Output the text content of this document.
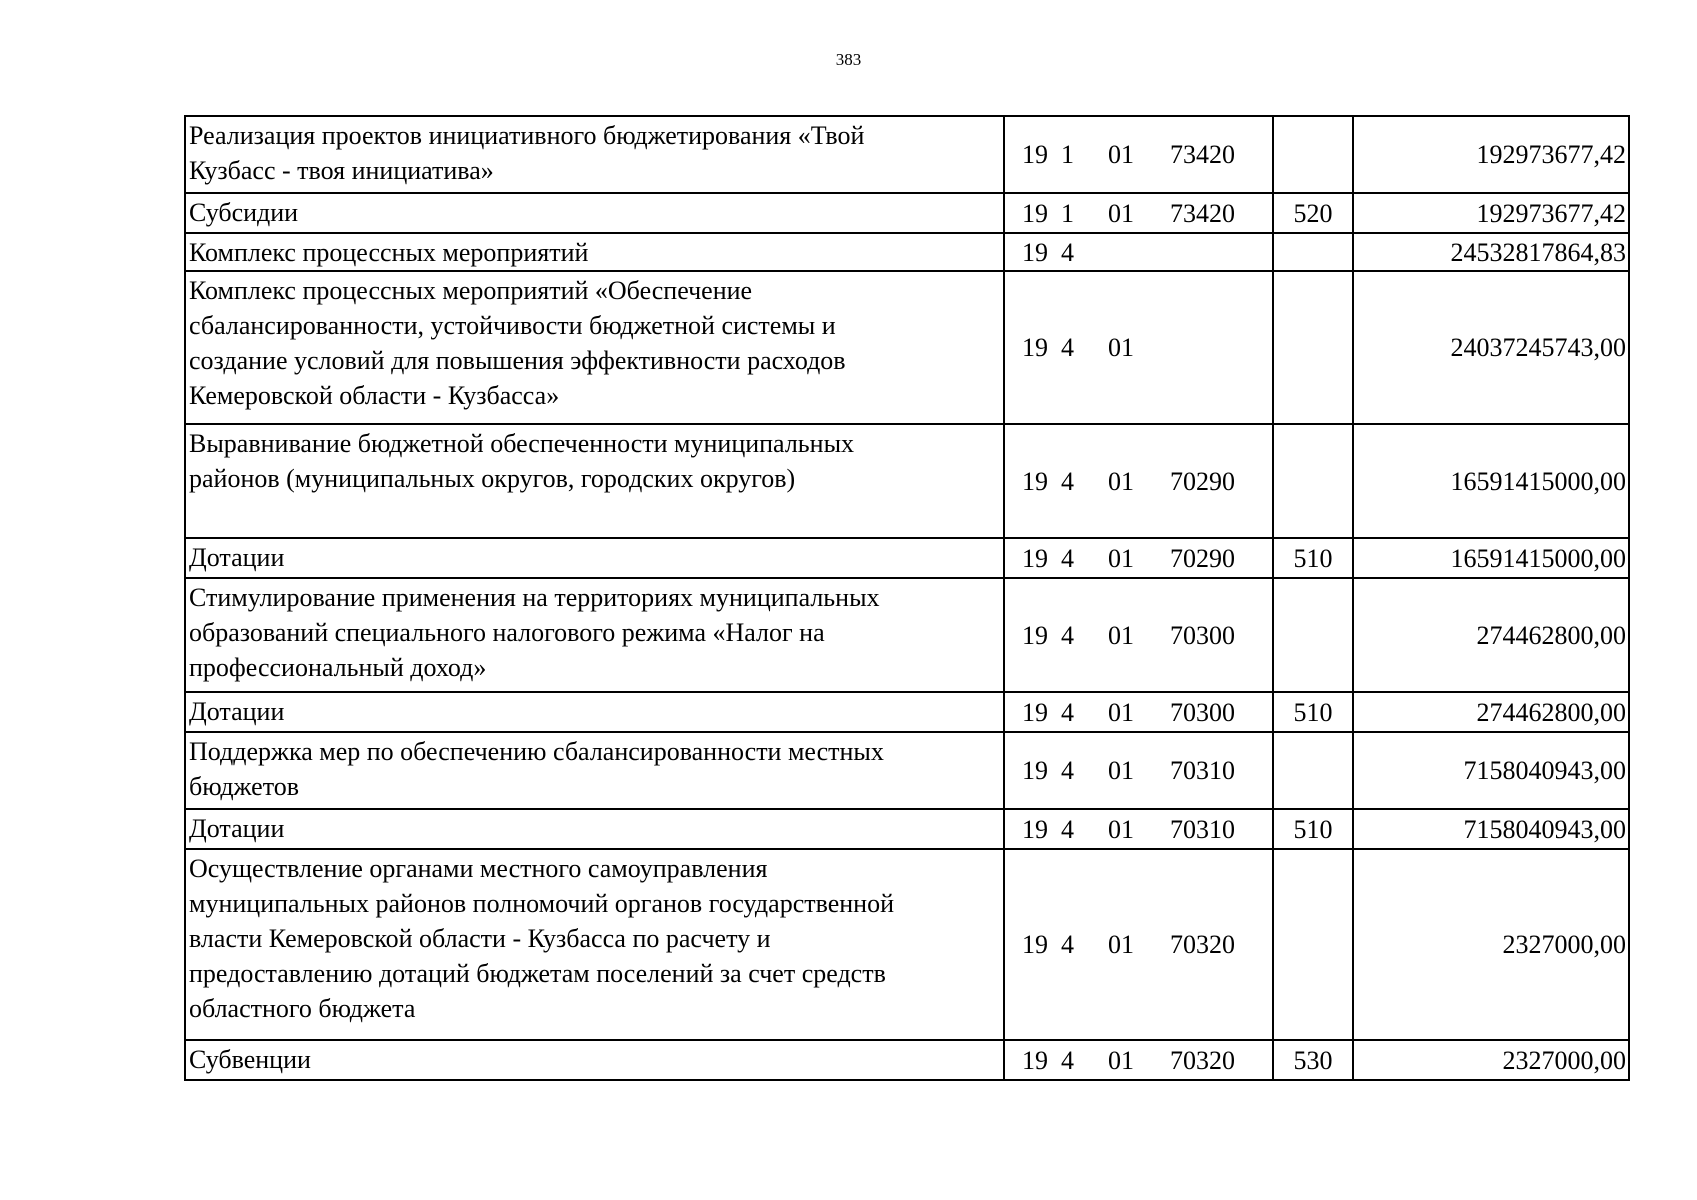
383
Реализация проектов инициативного бюджетирования «Твой
Кузбасс - твоя инициатива»	19 1 01 73420		192973677,42

Субсидии	19 1 01 73420	520	192973677,42

Комплекс процессных мероприятий	19 4		24532817864,83

Комплекс процессных мероприятий «Обеспечение
сбалансированности, устойчивости бюджетной системы и
создание условий для повышения эффективности расходов
Кемеровской области - Кузбасса»	19 4 01		24037245743,00

Выравнивание бюджетной обеспеченности муниципальных
районов (муниципальных округов, городских округов)	19 4 01 70290		16591415000,00

Дотации	19 4 01 70290	510	16591415000,00

Стимулирование применения на территориях муниципальных
образований специального налогового режима «Налог на
профессиональный доход»	19 4 01 70300		274462800,00

Дотации	19 4 01 70300	510	274462800,00

Поддержка мер по обеспечению сбалансированности местных
бюджетов	19 4 01 70310		7158040943,00

Дотации	19 4 01 70310	510	7158040943,00

Осуществление органами местного самоуправления
муниципальных районов полномочий органов государственной
власти Кемеровской области - Кузбасса по расчету и
предоставлению дотаций бюджетам поселений за счет средств
областного бюджета	19 4 01 70320		2327000,00

Субвенции	19 4 01 70320	530	2327000,00
